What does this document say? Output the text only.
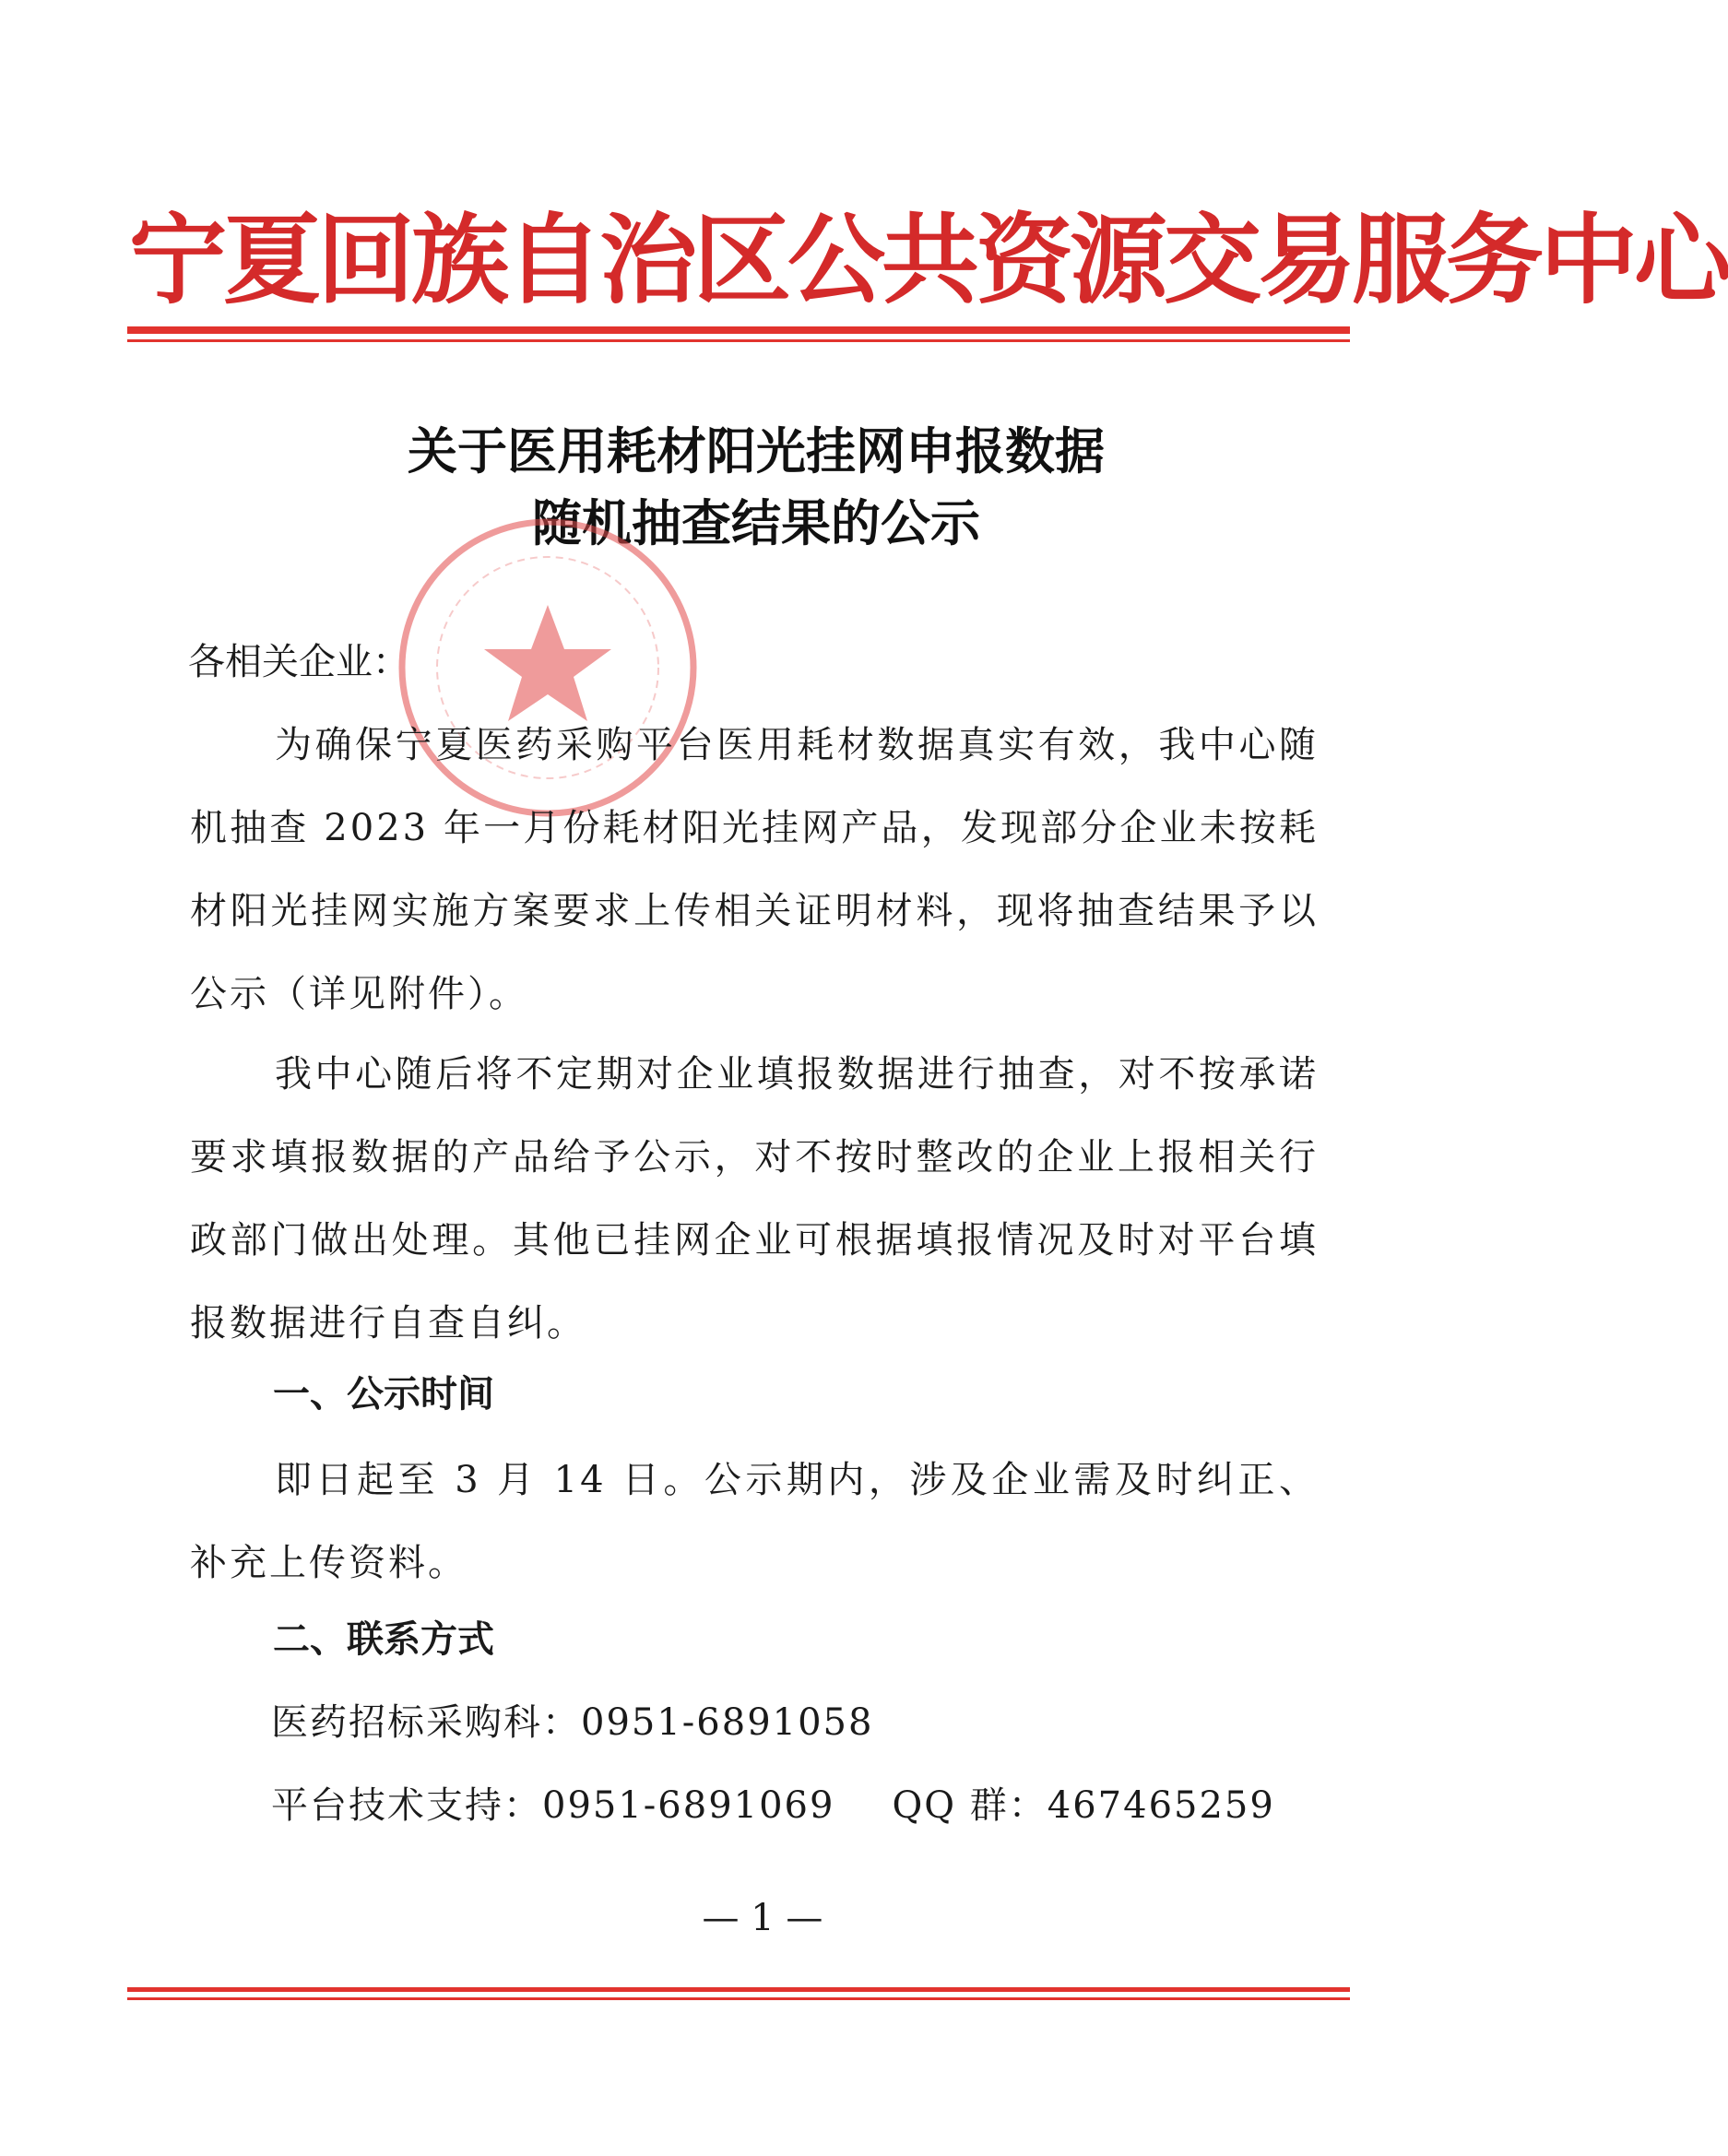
宁夏回族自治区公共资源交易服务中心
关于医用耗材阳光挂网申报数据
随机抽查结果的公示
各相关企业：
为确保宁夏医药采购平台医用耗材数据真实有效，我中心随机抽查 2023 年一月份耗材阳光挂网产品，发现部分企业未按耗材阳光挂网实施方案要求上传相关证明材料，现将抽查结果予以公示（详见附件）。
我中心随后将不定期对企业填报数据进行抽查，对不按承诺要求填报数据的产品给予公示，对不按时整改的企业上报相关行政部门做出处理。其他已挂网企业可根据填报情况及时对平台填报数据进行自查自纠。
一、公示时间
即日起至 3 月 14 日。公示期内，涉及企业需及时纠正、补充上传资料。
二、联系方式
医药招标采购科：0951-6891058
平台技术支持：0951-6891069 QQ 群：467465259
— 1 —
